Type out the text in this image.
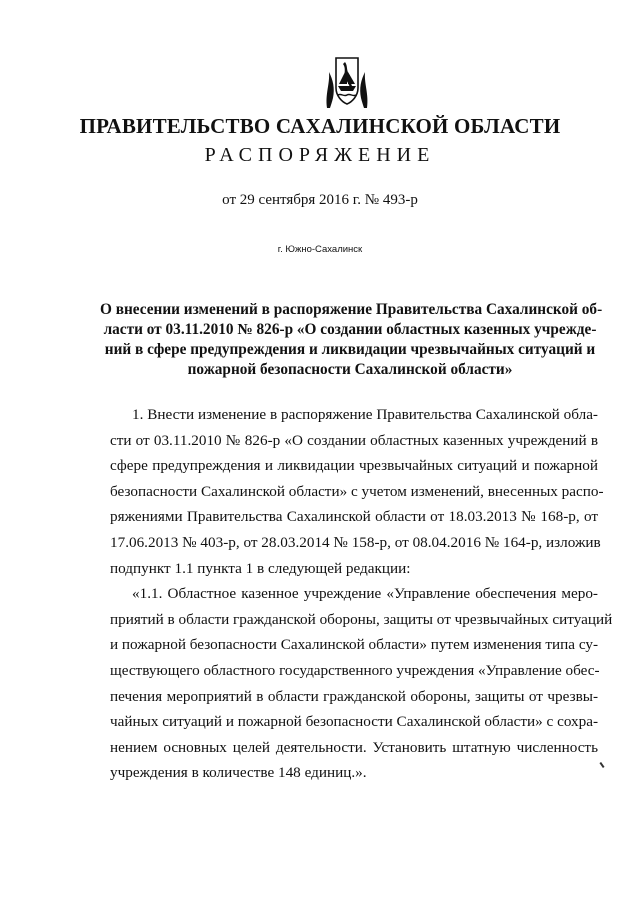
ПРАВИТЕЛЬСТВО САХАЛИНСКОЙ ОБЛАСТИ
РАСПОРЯЖЕНИЕ
от 29 сентября 2016 г. № 493-р
г. Южно-Сахалинск
О внесении изменений в распоряжение Правительства Сахалинской об-
ласти от 03.11.2010 № 826-р «О создании областных казенных учрежде-
ний в сфере предупреждения и ликвидации чрезвычайных ситуаций и
пожарной безопасности Сахалинской области»
1. Внести изменение в распоряжение Правительства Сахалинской обла-
сти от 03.11.2010 № 826-р «О создании областных казенных учреждений в
сфере предупреждения и ликвидации чрезвычайных ситуаций и пожарной
безопасности Сахалинской области» с учетом изменений, внесенных распо-
ряжениями Правительства Сахалинской области от 18.03.2013 № 168-р, от
17.06.2013 № 403-р, от 28.03.2014 № 158-р, от 08.04.2016 № 164-р, изложив
подпункт 1.1 пункта 1 в следующей редакции:
«1.1. Областное казенное учреждение «Управление обеспечения меро-
приятий в области гражданской обороны, защиты от чрезвычайных ситуаций
и пожарной безопасности Сахалинской области» путем изменения типа су-
ществующего областного государственного учреждения «Управление обес-
печения мероприятий в области гражданской обороны, защиты от чрезвы-
чайных ситуаций и пожарной безопасности Сахалинской области» с сохра-
нением основных целей деятельности. Установить штатную численность
учреждения в количестве 148 единиц.».
